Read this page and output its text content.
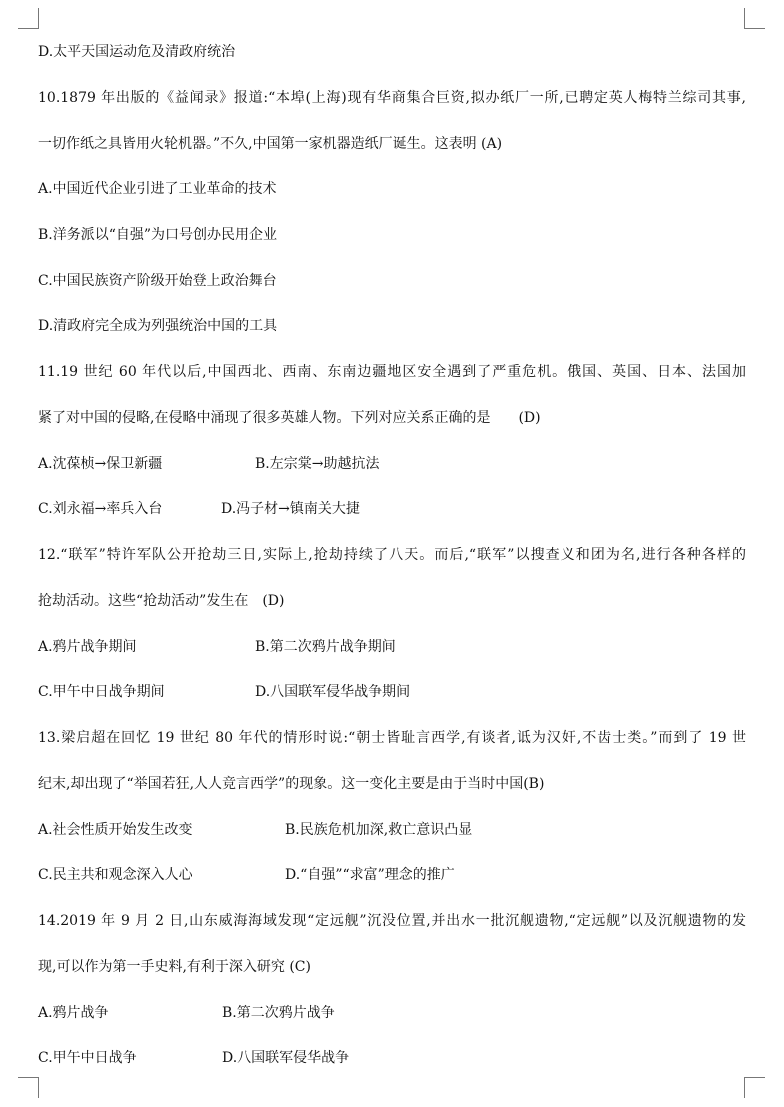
D.太平天国运动危及清政府统治
10.1879 年出版的《益闻录》报道:“本埠(上海)现有华商集合巨资,拟办纸厂一所,已聘定英人梅特兰综司其事,
一切作纸之具皆用火轮机器。”不久,中国第一家机器造纸厂诞生。这表明 (A)
A.中国近代企业引进了工业革命的技术
B.洋务派以“自强”为口号创办民用企业
C.中国民族资产阶级开始登上政治舞台
D.清政府完全成为列强统治中国的工具
11.19 世纪 60 年代以后,中国西北、西南、东南边疆地区安全遇到了严重危机。俄国、英国、日本、法国加
紧了对中国的侵略,在侵略中涌现了很多英雄人物。下列对应关系正确的是　　(D)
A.沈葆桢→保卫新疆	B.左宗棠→助越抗法
C.刘永福→率兵入台	D.冯子材→镇南关大捷
12.“联军”特许军队公开抢劫三日,实际上,抢劫持续了八天。而后,“联军”以搜查义和团为名,进行各种各样的
抢劫活动。这些“抢劫活动”发生在　(D)
A.鸦片战争期间	B.第二次鸦片战争期间
C.甲午中日战争期间	D.八国联军侵华战争期间
13.梁启超在回忆 19 世纪 80 年代的情形时说:“朝士皆耻言西学,有谈者,诋为汉奸,不齿士类。”而到了 19 世
纪末,却出现了“举国若狂,人人竞言西学”的现象。这一变化主要是由于当时中国(B)
A.社会性质开始发生改变	B.民族危机加深,救亡意识凸显
C.民主共和观念深入人心	D.“自强”“求富”理念的推广
14.2019 年 9 月 2 日,山东威海海域发现“定远舰”沉没位置,并出水一批沉舰遗物,“定远舰”以及沉舰遗物的发
现,可以作为第一手史料,有利于深入研究 (C)
A.鸦片战争	B.第二次鸦片战争
C.甲午中日战争	D.八国联军侵华战争
